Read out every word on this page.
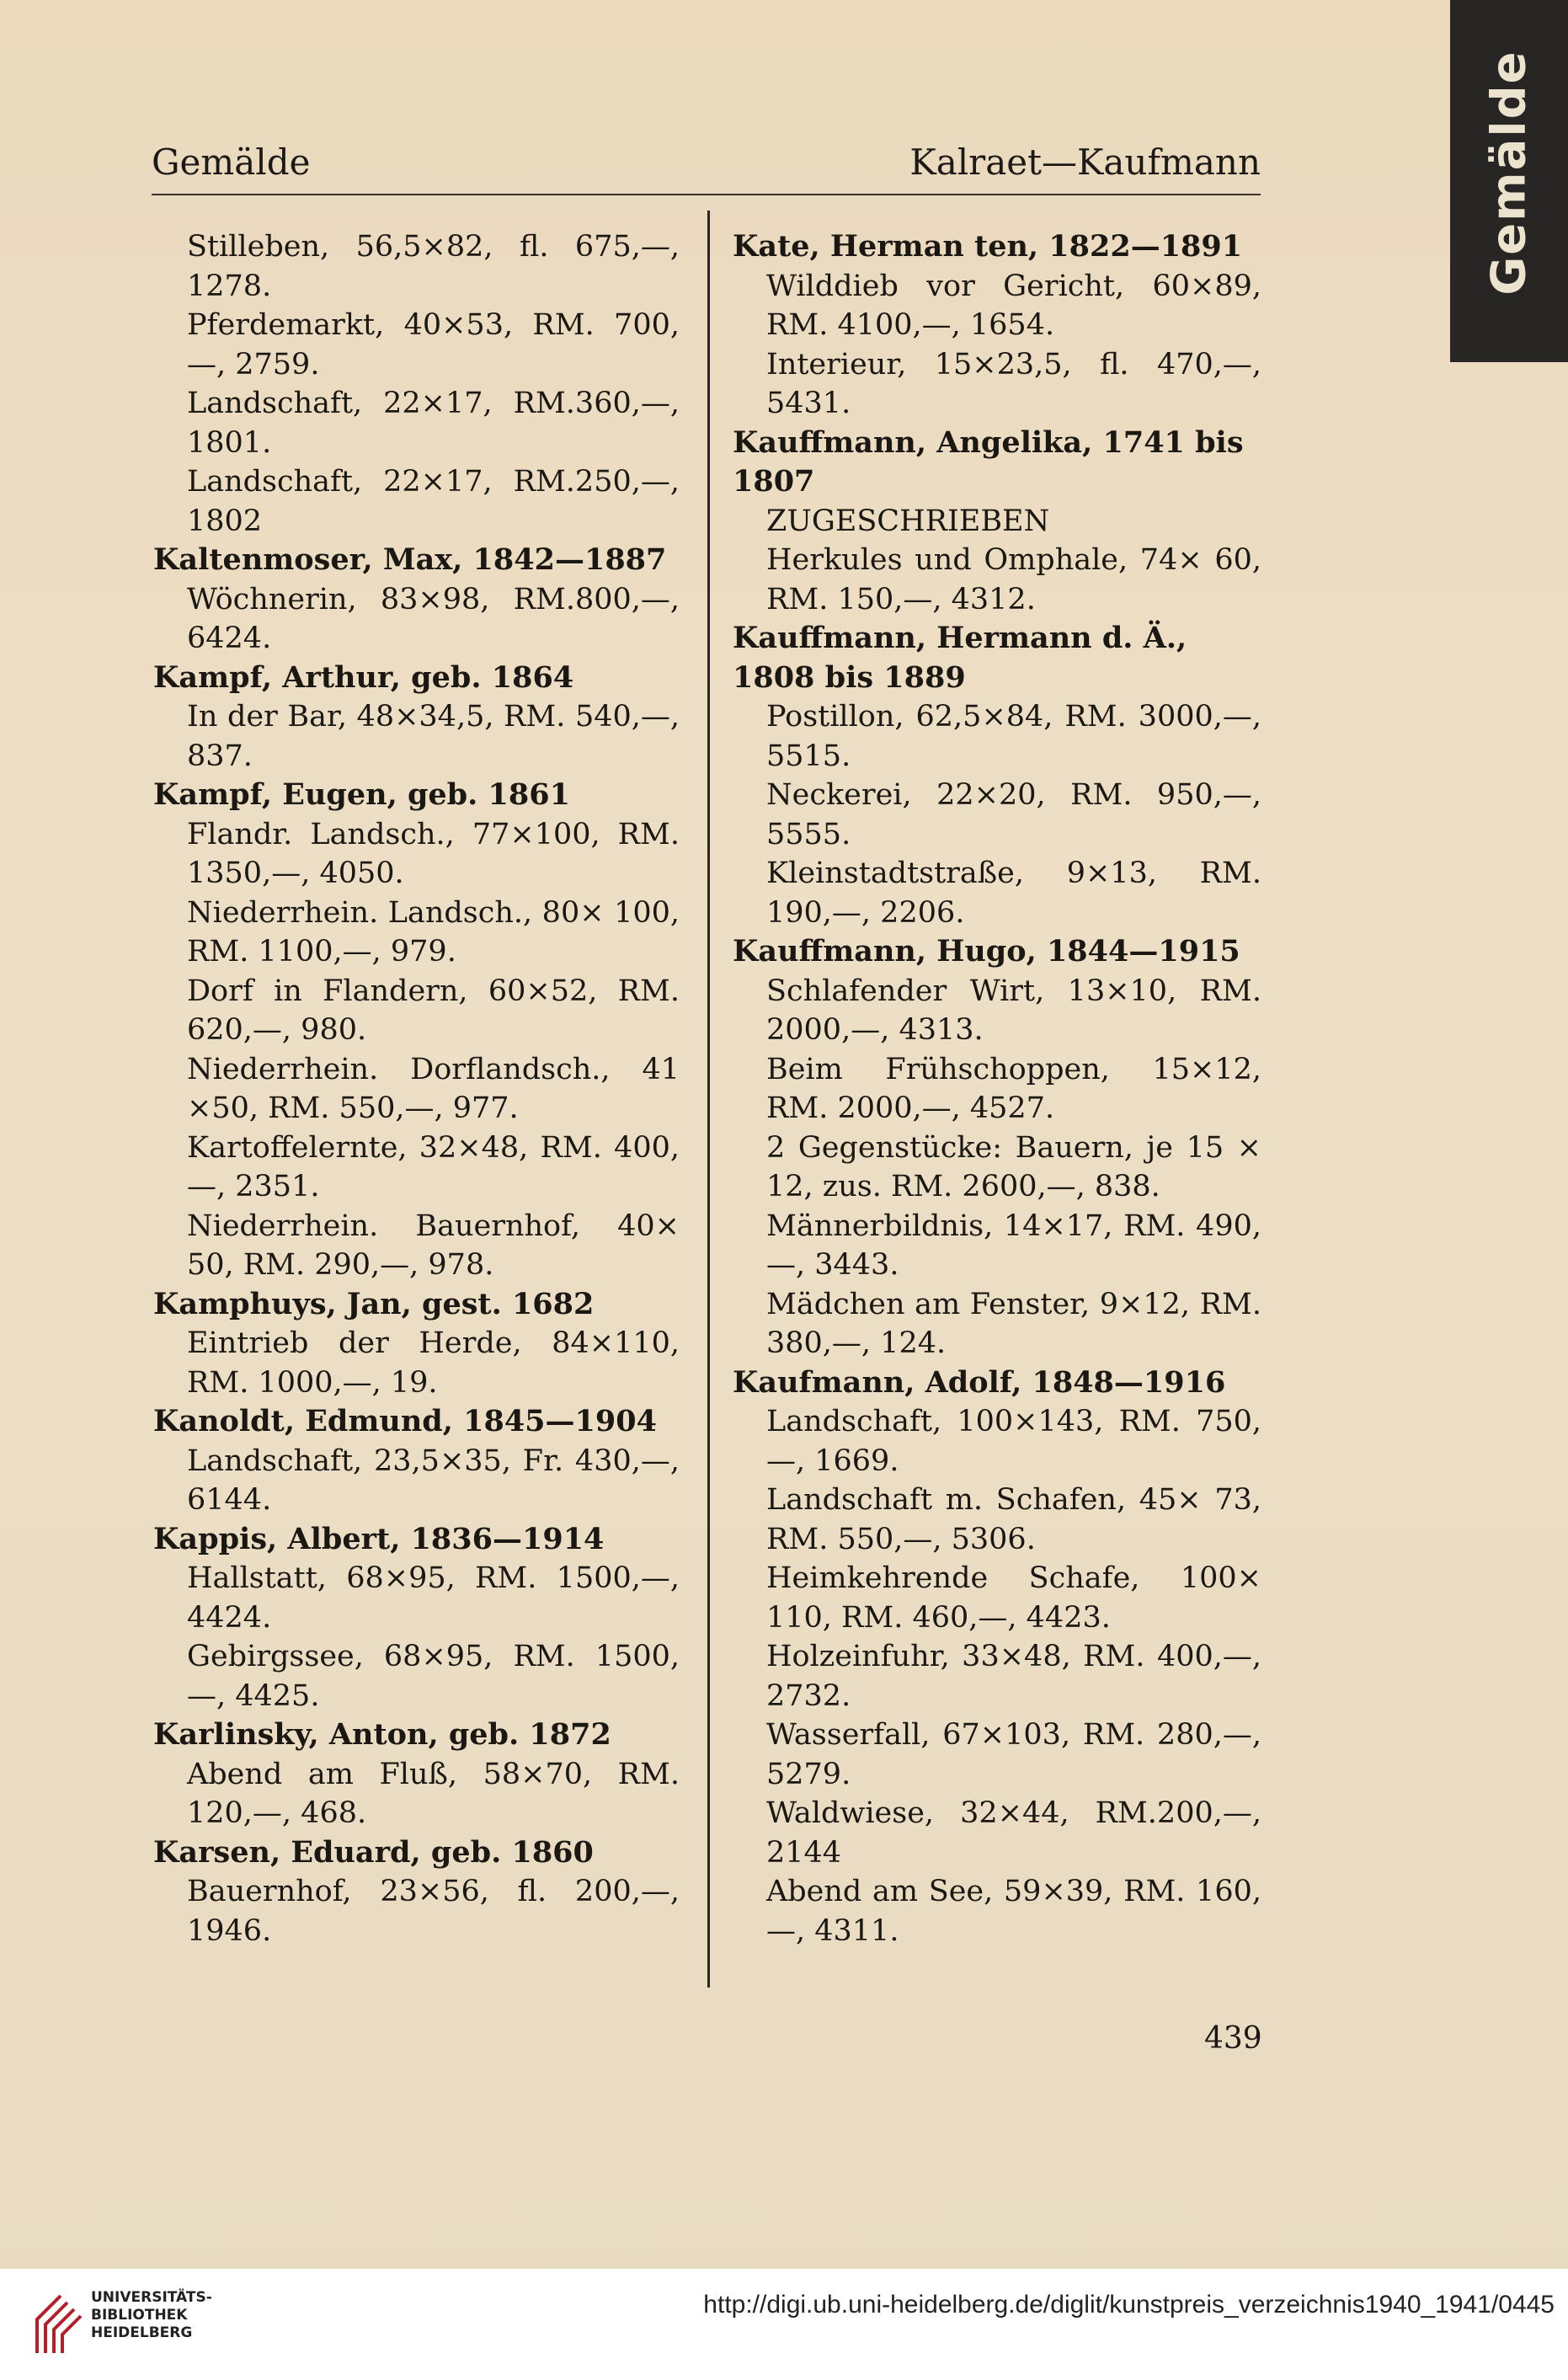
Gemälde
Gemälde	Kalraet—Kaufmann
Stilleben, 56,5×82, fl. 675,—, 1278.
Pferdemarkt, 40×53, RM. 700,—, 2759.
Landschaft, 22×17, RM.360,—, 1801.
Landschaft, 22×17, RM.250,—, 1802
Kaltenmoser, Max, 1842—1887
Wöchnerin, 83×98, RM.800,—, 6424.
Kampf, Arthur, geb. 1864
In der Bar, 48×34,5, RM. 540,—, 837.
Kampf, Eugen, geb. 1861
Flandr. Landsch., 77×100, RM. 1350,—, 4050.
Niederrhein. Landsch., 80× 100, RM. 1100,—, 979.
Dorf in Flandern, 60×52, RM. 620,—, 980.
Niederrhein. Dorflandsch., 41 ×50, RM. 550,—, 977.
Kartoffelernte, 32×48, RM. 400,—, 2351.
Niederrhein. Bauernhof, 40× 50, RM. 290,—, 978.
Kamphuys, Jan, gest. 1682
Eintrieb der Herde, 84×110, RM. 1000,—, 19.
Kanoldt, Edmund, 1845—1904
Landschaft, 23,5×35, Fr. 430,—, 6144.
Kappis, Albert, 1836—1914
Hallstatt, 68×95, RM. 1500,—, 4424.
Gebirgssee, 68×95, RM. 1500,—, 4425.
Karlinsky, Anton, geb. 1872
Abend am Fluß, 58×70, RM. 120,—, 468.
Karsen, Eduard, geb. 1860
Bauernhof, 23×56, fl. 200,—, 1946.
Kate, Herman ten, 1822—1891
Wilddieb vor Gericht, 60×89, RM. 4100,—, 1654.
Interieur, 15×23,5, fl. 470,—, 5431.
Kauffmann, Angelika, 1741 bis 1807
ZUGESCHRIEBEN
Herkules und Omphale, 74× 60, RM. 150,—, 4312.
Kauffmann, Hermann d. Ä., 1808 bis 1889
Postillon, 62,5×84, RM. 3000,—, 5515.
Neckerei, 22×20, RM. 950,—, 5555.
Kleinstadtstraße, 9×13, RM. 190,—, 2206.
Kauffmann, Hugo, 1844—1915
Schlafender Wirt, 13×10, RM. 2000,—, 4313.
Beim Frühschoppen, 15×12, RM. 2000,—, 4527.
2 Gegenstücke: Bauern, je 15 × 12, zus. RM. 2600,—, 838.
Männerbildnis, 14×17, RM. 490,—, 3443.
Mädchen am Fenster, 9×12, RM. 380,—, 124.
Kaufmann, Adolf, 1848—1916
Landschaft, 100×143, RM. 750,—, 1669.
Landschaft m. Schafen, 45× 73, RM. 550,—, 5306.
Heimkehrende Schafe, 100× 110, RM. 460,—, 4423.
Holzeinfuhr, 33×48, RM. 400,—, 2732.
Wasserfall, 67×103, RM. 280,—, 5279.
Waldwiese, 32×44, RM.200,—, 2144
Abend am See, 59×39, RM. 160,—, 4311.
439
UNIVERSITÄTS-
BIBLIOTHEK
HEIDELBERG
http://digi.ub.uni-heidelberg.de/diglit/kunstpreis_verzeichnis1940_1941/0445
